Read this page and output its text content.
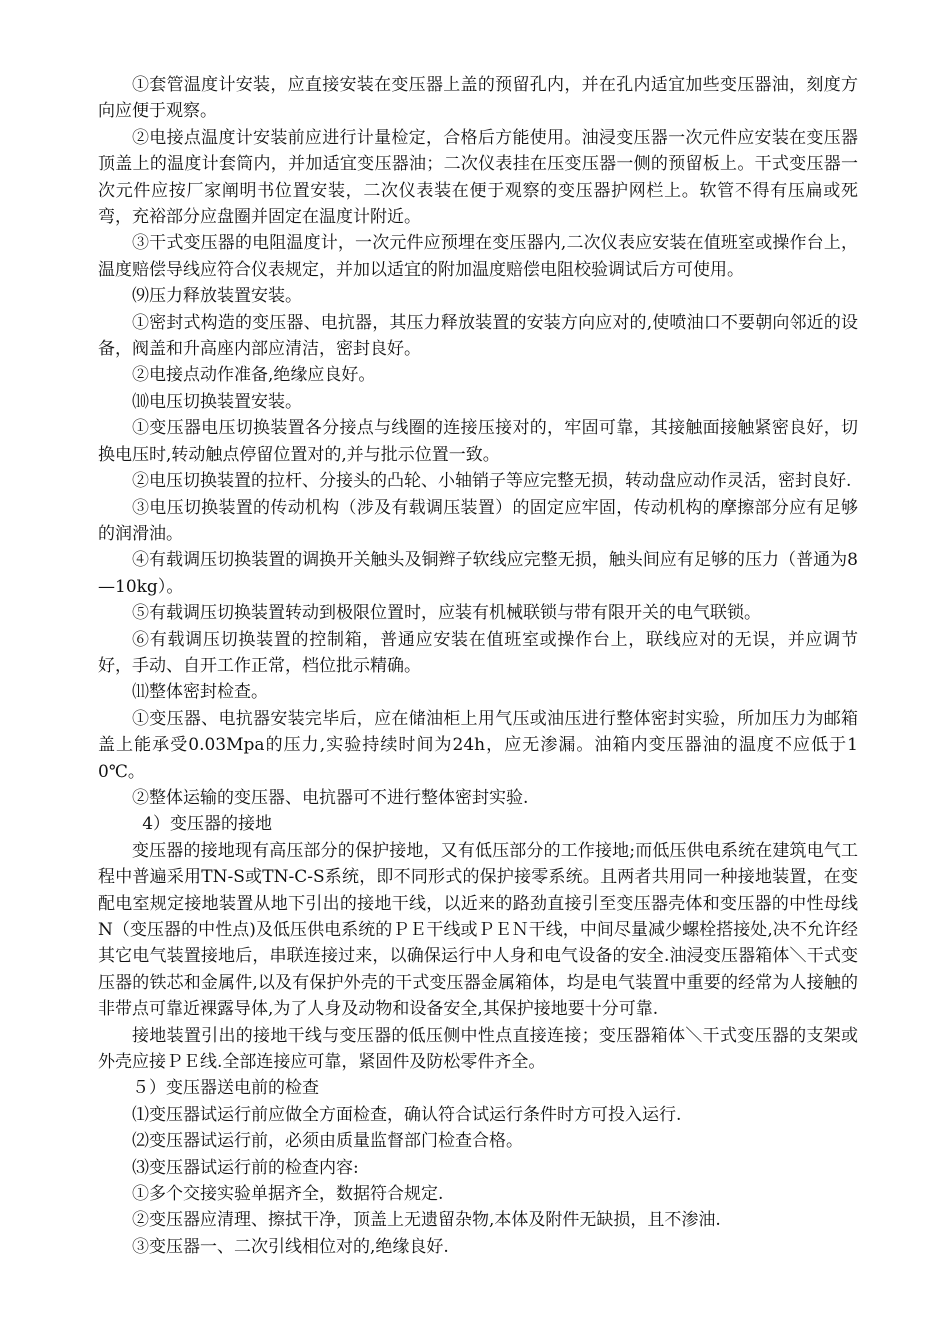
①套管温度计安装，应直接安装在变压器上盖的预留孔内，并在孔内适宜加些变压器油，刻度方向应便于观察。

②电接点温度计安装前应进行计量检定，合格后方能使用。油浸变压器一次元件应安装在变压器顶盖上的温度计套筒内，并加适宜变压器油；二次仪表挂在压变压器一侧的预留板上。干式变压器一次元件应按厂家阐明书位置安装，二次仪表装在便于观察的变压器护网栏上。软管不得有压扁或死弯，充裕部分应盘圈并固定在温度计附近。

③干式变压器的电阻温度计，一次元件应预埋在变压器内,二次仪表应安装在值班室或操作台上，温度赔偿导线应符合仪表规定，并加以适宜的附加温度赔偿电阻校验调试后方可使用。

⑼压力释放装置安装。

①密封式构造的变压器、电抗器，其压力释放装置的安装方向应对的,使喷油口不要朝向邻近的设备，阀盖和升高座内部应清洁，密封良好。

②电接点动作准备,绝缘应良好。

⑽电压切换装置安装。

①变压器电压切换装置各分接点与线圈的连接压接对的，牢固可靠，其接触面接触紧密良好，切换电压时,转动触点停留位置对的,并与批示位置一致。

②电压切换装置的拉杆、分接头的凸轮、小轴销子等应完整无损，转动盘应动作灵活，密封良好.

③电压切换装置的传动机构（涉及有载调压装置）的固定应牢固，传动机构的摩擦部分应有足够的润滑油。

④有载调压切换装置的调换开关触头及铜辫子软线应完整无损，触头间应有足够的压力（普通为8—10kg）。

⑤有载调压切换装置转动到极限位置时，应装有机械联锁与带有限开关的电气联锁。

⑥有载调压切换装置的控制箱，普通应安装在值班室或操作台上，联线应对的无误，并应调节好，手动、自开工作正常，档位批示精确。

⑾整体密封检查。

①变压器、电抗器安装完毕后，应在储油柜上用气压或油压进行整体密封实验，所加压力为邮箱盖上能承受0.03Mpa的压力,实验持续时间为24h，应无渗漏。油箱内变压器油的温度不应低于10℃。

②整体运输的变压器、电抗器可不进行整体密封实验.

4）变压器的接地

变压器的接地现有高压部分的保护接地，又有低压部分的工作接地;而低压供电系统在建筑电气工程中普遍采用TN-S或TN-C-S系统，即不同形式的保护接零系统。且两者共用同一种接地装置，在变配电室规定接地装置从地下引出的接地干线，以近来的路劲直接引至变压器壳体和变压器的中性母线N（变压器的中性点)及低压供电系统的ＰＥ干线或ＰＥＮ干线，中间尽量减少螺栓搭接处,决不允许经其它电气装置接地后，串联连接过来，以确保运行中人身和电气设备的安全.油浸变压器箱体＼干式变压器的铁芯和金属件,以及有保护外壳的干式变压器金属箱体，均是电气装置中重要的经常为人接触的非带点可靠近裸露导体,为了人身及动物和设备安全,其保护接地要十分可靠.

接地装置引出的接地干线与变压器的低压侧中性点直接连接；变压器箱体＼干式变压器的支架或外壳应接ＰＥ线.全部连接应可靠，紧固件及防松零件齐全。

５）变压器送电前的检查

⑴变压器试运行前应做全方面检查，确认符合试运行条件时方可投入运行.

⑵变压器试运行前，必须由质量监督部门检查合格。

⑶变压器试运行前的检查内容:

①多个交接实验单据齐全，数据符合规定.

②变压器应清理、擦拭干净，顶盖上无遗留杂物,本体及附件无缺损，且不渗油.

③变压器一、二次引线相位对的,绝缘良好.
